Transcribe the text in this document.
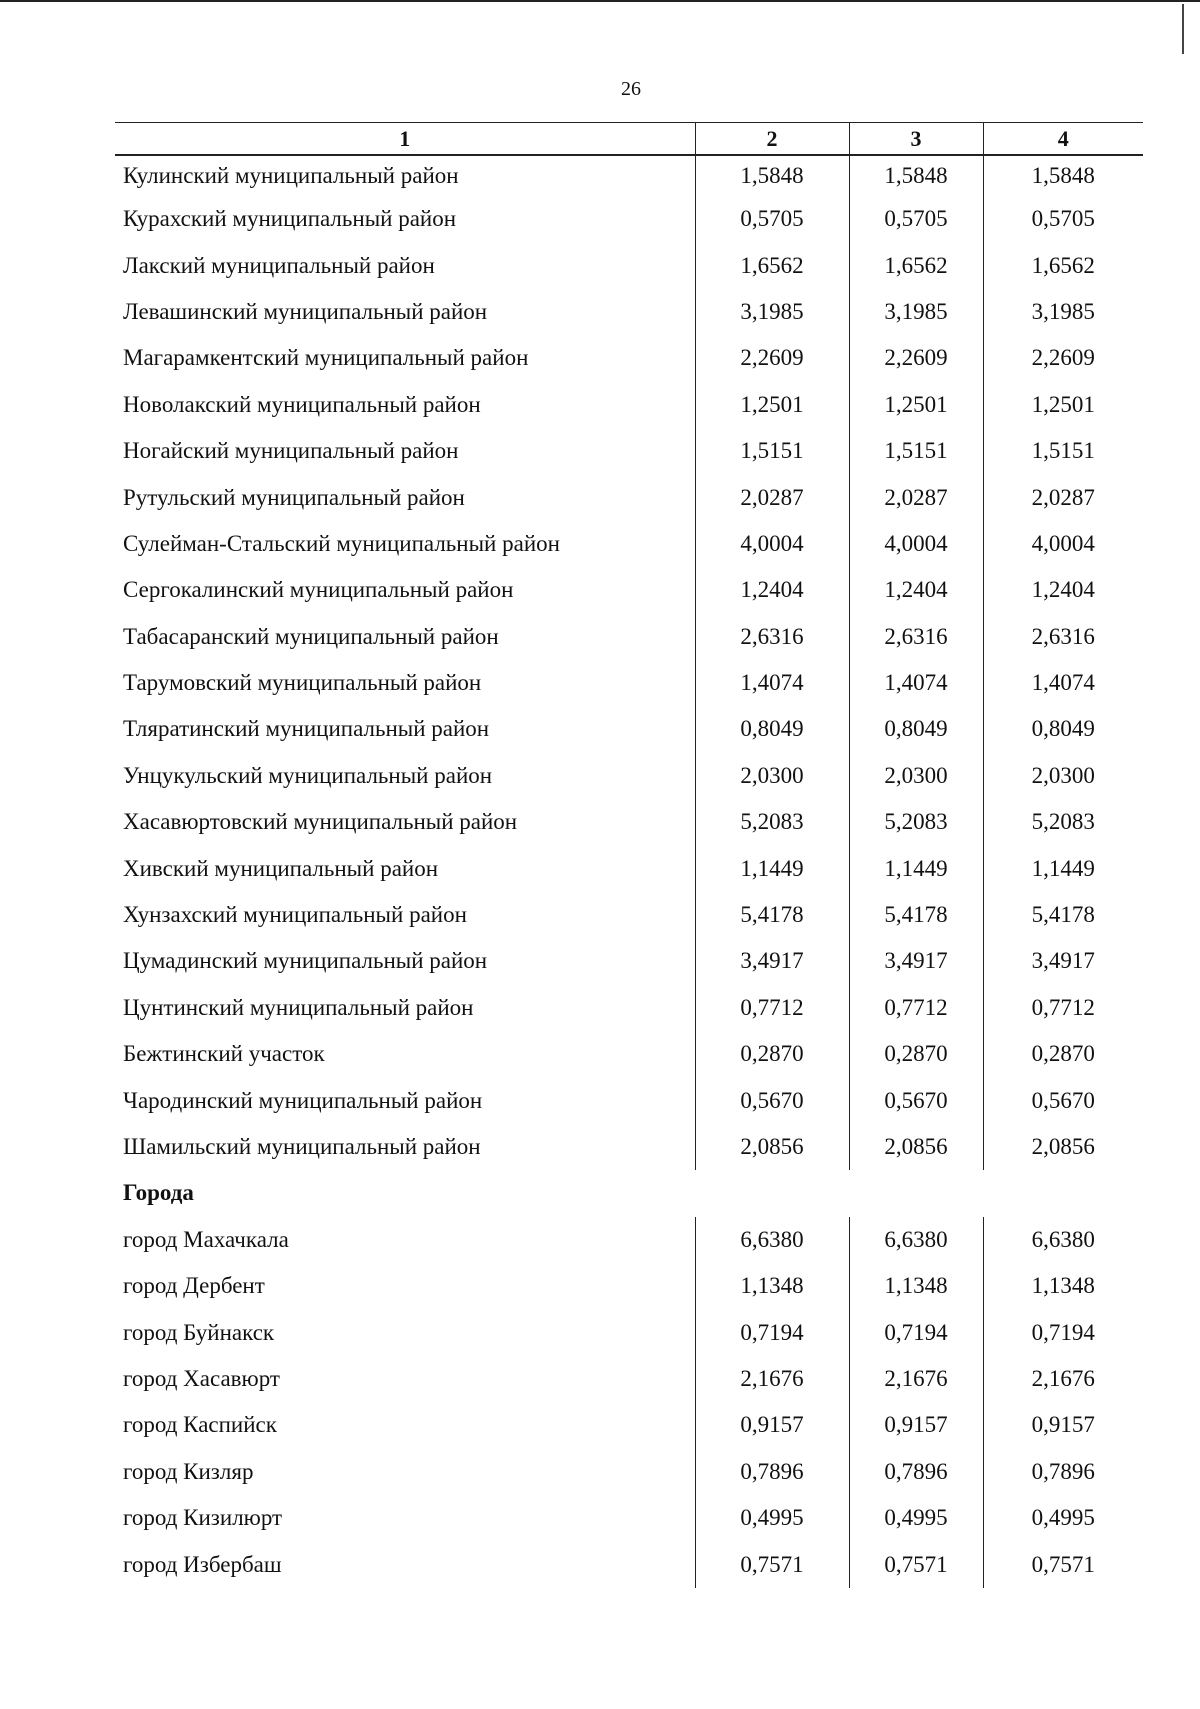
26
1	2	3	4
Кулинский муниципальный район	1,5848	1,5848	1,5848
Курахский муниципальный район	0,5705	0,5705	0,5705
Лакский муниципальный район	1,6562	1,6562	1,6562
Левашинский муниципальный район	3,1985	3,1985	3,1985
Магарамкентский муниципальный район	2,2609	2,2609	2,2609
Новолакский муниципальный район	1,2501	1,2501	1,2501
Ногайский муниципальный район	1,5151	1,5151	1,5151
Рутульский муниципальный район	2,0287	2,0287	2,0287
Сулейман-Стальский муниципальный район	4,0004	4,0004	4,0004
Сергокалинский муниципальный район	1,2404	1,2404	1,2404
Табасаранский муниципальный район	2,6316	2,6316	2,6316
Тарумовский муниципальный район	1,4074	1,4074	1,4074
Тляратинский муниципальный район	0,8049	0,8049	0,8049
Унцукульский муниципальный район	2,0300	2,0300	2,0300
Хасавюртовский муниципальный район	5,2083	5,2083	5,2083
Хивский муниципальный район	1,1449	1,1449	1,1449
Хунзахский муниципальный район	5,4178	5,4178	5,4178
Цумадинский муниципальный район	3,4917	3,4917	3,4917
Цунтинский муниципальный район	0,7712	0,7712	0,7712
Бежтинский участок	0,2870	0,2870	0,2870
Чародинский муниципальный район	0,5670	0,5670	0,5670
Шамильский муниципальный район	2,0856	2,0856	2,0856
Города			
город Махачкала	6,6380	6,6380	6,6380
город Дербент	1,1348	1,1348	1,1348
город Буйнакск	0,7194	0,7194	0,7194
город Хасавюрт	2,1676	2,1676	2,1676
город Каспийск	0,9157	0,9157	0,9157
город Кизляр	0,7896	0,7896	0,7896
город Кизилюрт	0,4995	0,4995	0,4995
город Избербаш	0,7571	0,7571	0,7571
